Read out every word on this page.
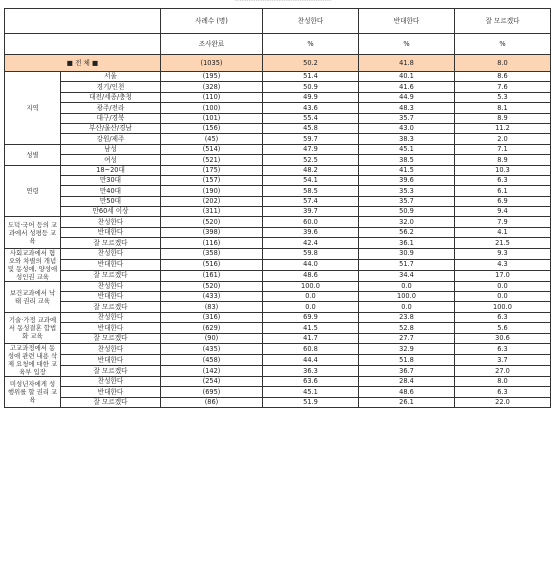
------------------------------------------
		사례수 (명)	찬성한다	반대한다	잘 모르겠다
		조사완료	%	%	%
■ 전 체 ■		(1035)	50.2	41.8	8.0
지역	서울	(195)	51.4	40.1	8.6
	경기/인천	(328)	50.9	41.6	7.6
	대전/세종/충청	(110)	49.9	44.9	5.3
	광주/전라	(100)	43.6	48.3	8.1
	대구/경북	(101)	55.4	35.7	8.9
	부산/울산/경남	(156)	45.8	43.0	11.2
	강원/제주	(45)	59.7	38.3	2.0
성별	남성	(514)	47.9	45.1	7.1
	여성	(521)	52.5	38.5	8.9
연령	18~20대	(175)	48.2	41.5	10.3
	만30대	(157)	54.1	39.6	6.3
	만40대	(190)	58.5	35.3	6.1
	만50대	(202)	57.4	35.7	6.9
	만60세 이상	(311)	39.7	50.9	9.4
도덕·국어 등의 교과에서 성평등 교육	찬성한다	(520)	60.0	32.0	7.9
	반대한다	(398)	39.6	56.2	4.1
	잘 모르겠다	(116)	42.4	36.1	21.5
사회교과에서 혐오와 차별의 개념 및 동성애, 양성애 성인권 교육	찬성한다	(358)	59.8	30.9	9.3
	반대한다	(516)	44.0	51.7	4.3
	잘 모르겠다	(161)	48.6	34.4	17.0
보건교과에서 낙태 권리 교육	찬성한다	(520)	100.0	0.0	0.0
	반대한다	(433)	0.0	100.0	0.0
	잘 모르겠다	(83)	0.0	0.0	100.0
기술·가정 교과에서 동성결혼 합법화 교육	찬성한다	(316)	69.9	23.8	6.3
	반대한다	(629)	41.5	52.8	5.6
	잘 모르겠다	(90)	41.7	27.7	30.6
고교과정에서 동성애 관련 내용 삭제 요청에 대한 교육부 입장	찬성한다	(435)	60.8	32.9	6.3
	반대한다	(458)	44.4	51.8	3.7
	잘 모르겠다	(142)	36.3	36.7	27.0
미성년자에게 성행위를 할 권리 교육	찬성한다	(254)	63.6	28.4	8.0
	반대한다	(695)	45.1	48.6	6.3
	잘 모르겠다	(86)	51.9	26.1	22.0
